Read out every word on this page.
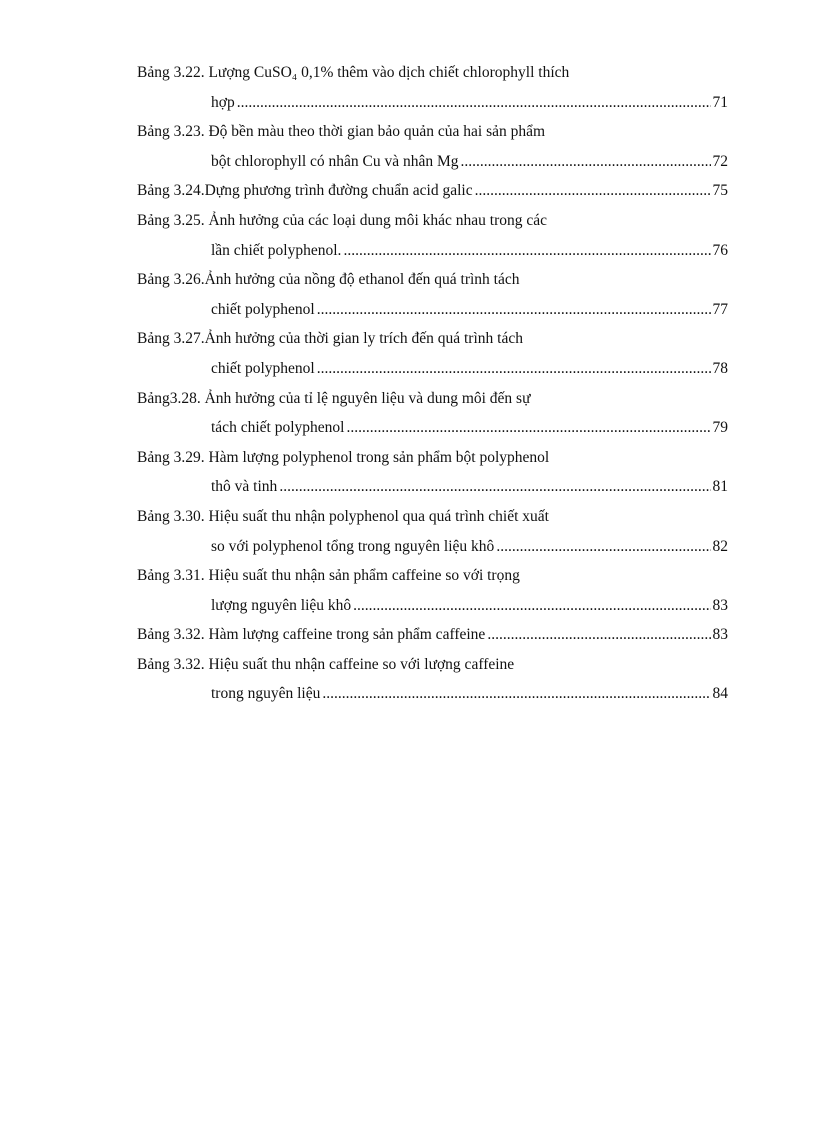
Bảng 3.22. Lượng CuSO₄ 0,1% thêm vào dịch chiết chlorophyll thích
hợp .....	71
Bảng 3.23. Độ bền màu theo thời gian bảo quản của hai sản phẩm
bột chlorophyll có nhân Cu và nhân Mg .....	72
Bảng 3.24.Dựng phương trình đường chuẩn acid galic .....	75
Bảng 3.25. Ảnh hưởng của các loại dung môi khác nhau trong các
lần chiết polyphenol. .....	76
Bảng 3.26.Ảnh hưởng của nồng độ ethanol đến quá trình tách
chiết polyphenol .....	77
Bảng 3.27.Ảnh hưởng của thời gian ly trích đến quá trình tách
chiết polyphenol .....	78
Bảng3.28. Ảnh hưởng của tỉ lệ nguyên liệu và dung môi đến sự
tách chiết polyphenol .....	79
Bảng 3.29. Hàm lượng polyphenol trong sản phẩm bột polyphenol
thô và tinh .....	81
Bảng 3.30. Hiệu suất thu nhận polyphenol qua quá trình chiết xuất
so với polyphenol tổng trong nguyên liệu khô .....	82
Bảng 3.31. Hiệu suất thu nhận sản phẩm caffeine so với trọng
lượng nguyên liệu khô .....	83
Bảng 3.32. Hàm lượng caffeine trong sản phẩm caffeine .....	83
Bảng 3.32. Hiệu suất thu nhận caffeine so với lượng caffeine
trong nguyên liệu .....	84
